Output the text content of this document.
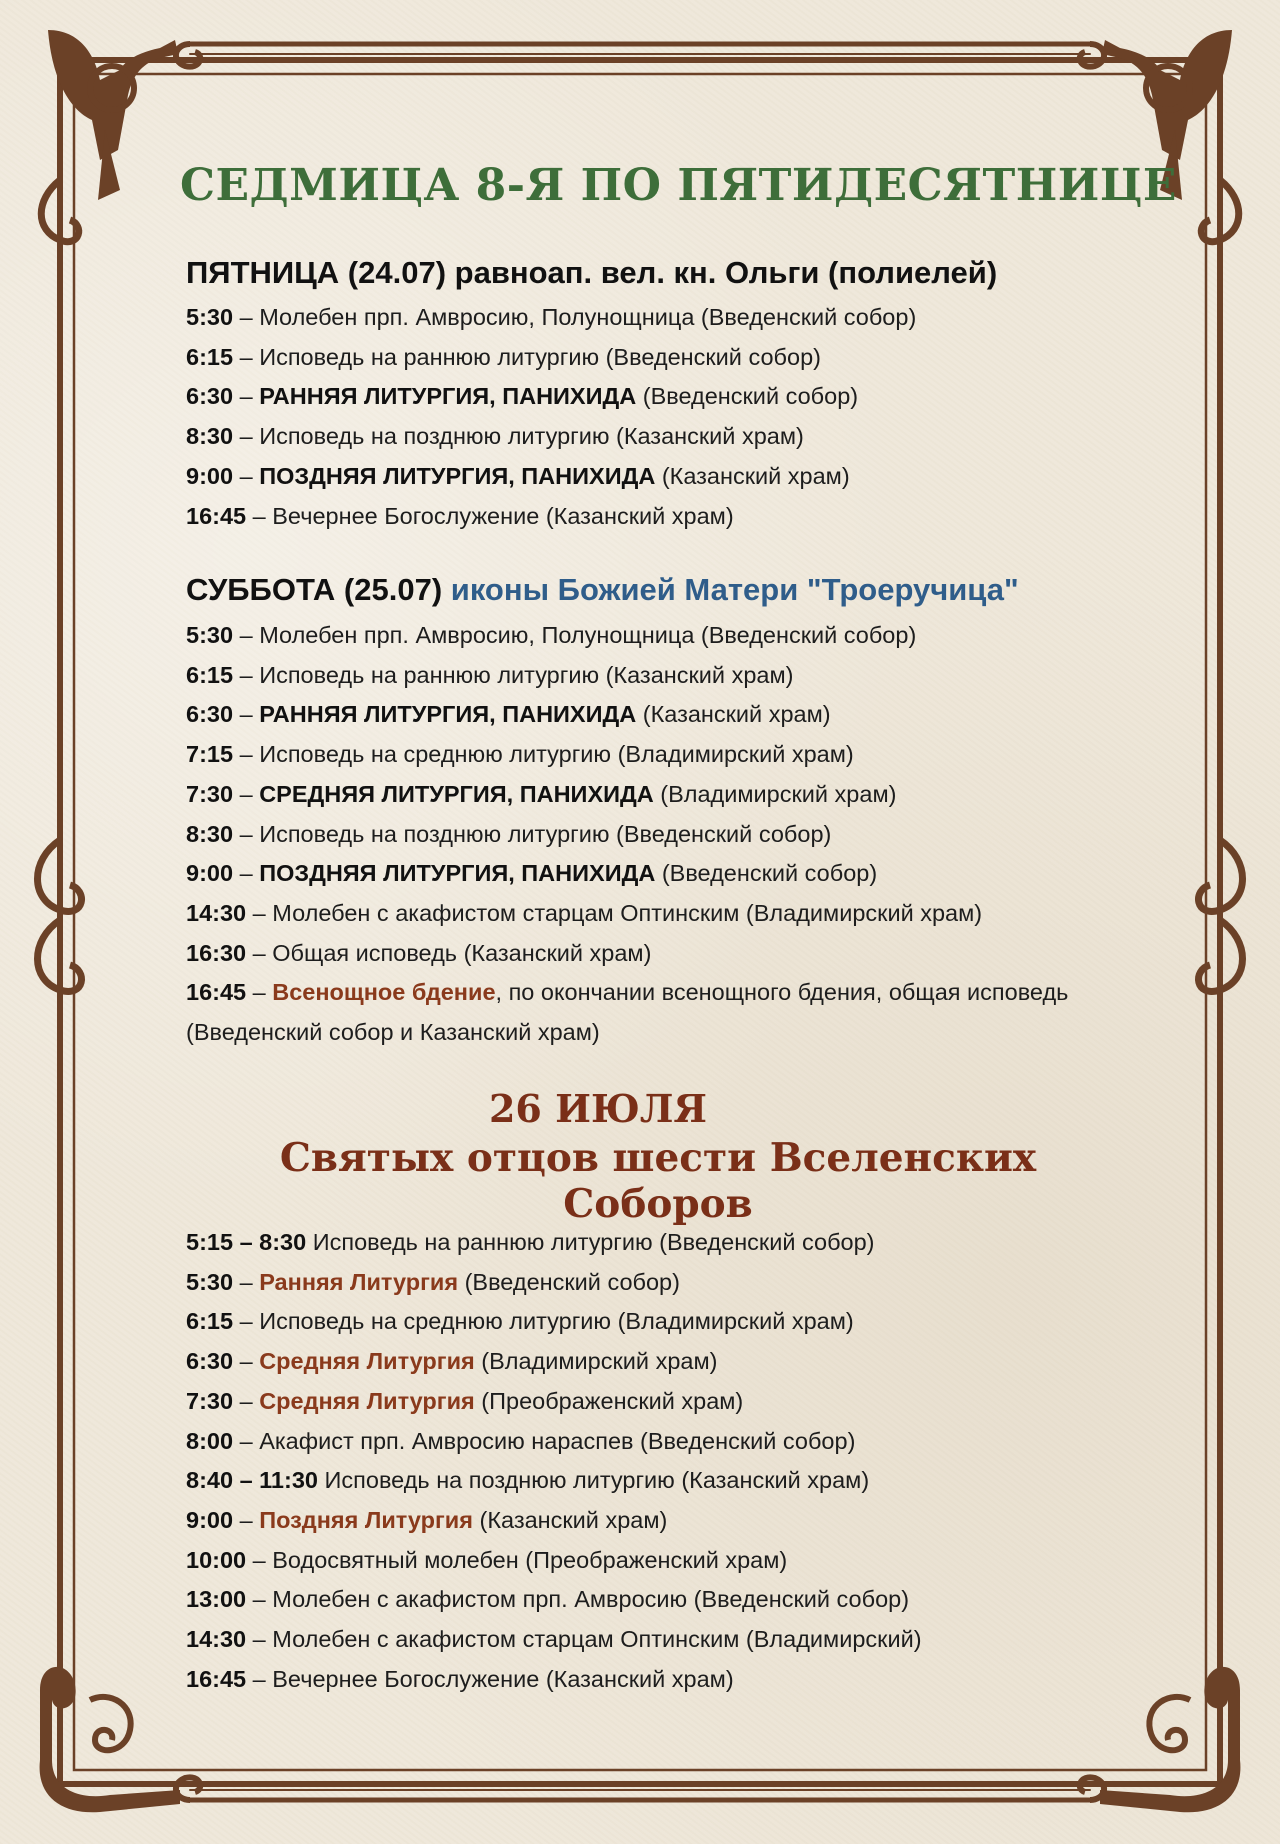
СЕДМИЦА 8-Я ПО ПЯТИДЕСЯТНИЦЕ
ПЯТНИЦА (24.07) равноап. вел. кн. Ольги (полиелей)
5:30 – Молебен прп. Амвросию, Полунощница (Введенский собор)
6:15 – Исповедь на раннюю литургию (Введенский собор)
6:30 – РАННЯЯ ЛИТУРГИЯ, ПАНИХИДА (Введенский собор)
8:30 – Исповедь на позднюю литургию (Казанский храм)
9:00 – ПОЗДНЯЯ ЛИТУРГИЯ, ПАНИХИДА (Казанский храм)
16:45 – Вечернее Богослужение (Казанский храм)
СУББОТА (25.07) иконы Божией Матери "Троеручица"
5:30 – Молебен прп. Амвросию, Полунощница (Введенский собор)
6:15 – Исповедь на раннюю литургию (Казанский храм)
6:30 – РАННЯЯ ЛИТУРГИЯ, ПАНИХИДА (Казанский храм)
7:15 – Исповедь на среднюю литургию (Владимирский храм)
7:30 – СРЕДНЯЯ ЛИТУРГИЯ, ПАНИХИДА (Владимирский храм)
8:30 – Исповедь на позднюю литургию (Введенский собор)
9:00 – ПОЗДНЯЯ ЛИТУРГИЯ, ПАНИХИДА (Введенский собор)
14:30 – Молебен с акафистом старцам Оптинским (Владимирский храм)
16:30 – Общая исповедь (Казанский храм)
16:45 – Всенощное бдение, по окончании всенощного бдения, общая исповедь (Введенский собор и Казанский храм)
26 ИЮЛЯ
Святых отцов шести Вселенских Соборов
5:15 – 8:30 Исповедь на раннюю литургию (Введенский собор)
5:30 – Ранняя Литургия (Введенский собор)
6:15 – Исповедь на среднюю литургию (Владимирский храм)
6:30 – Средняя Литургия (Владимирский храм)
7:30 – Средняя Литургия (Преображенский храм)
8:00 – Акафист прп. Амвросию нараспев (Введенский собор)
8:40 – 11:30 Исповедь на позднюю литургию (Казанский храм)
9:00 – Поздняя Литургия (Казанский храм)
10:00 – Водосвятный молебен (Преображенский храм)
13:00 – Молебен с акафистом прп. Амвросию (Введенский собор)
14:30 – Молебен с акафистом старцам Оптинским (Владимирский)
16:45 – Вечернее Богослужение (Казанский храм)
